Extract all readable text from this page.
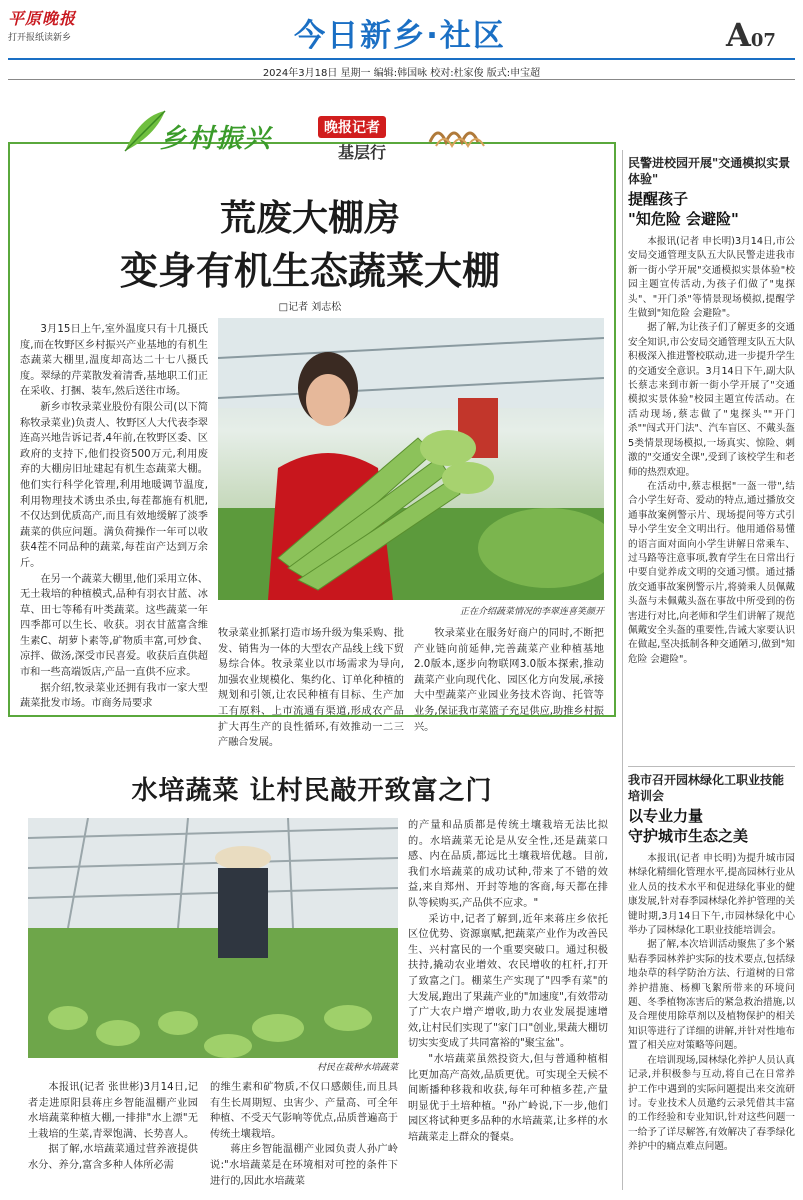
平原晚报
打开报纸读新乡	今日新乡·社区	A07
2024年3月18日 星期一 编辑:韩国咏 校对:杜家俊 版式:申宝超
乡村振兴	晚报记者
基层行
荒废大棚房
变身有机生态蔬菜大棚
□记者 刘志松
正在介绍蔬菜情况的李翠连喜笑颜开

3月15日上午,室外温度只有十几摄氏度,而在牧野区乡村振兴产业基地的有机生态蔬菜大棚里,温度却高达二十七八摄氏度。翠绿的芹菜散发着清香,基地职工们正在采收、打捆、装车,然后送往市场。

新乡市牧录菜业股份有限公司(以下简称牧录菜业)负责人、牧野区人大代表李翠连高兴地告诉记者,4年前,在牧野区委、区政府的支持下,他们投资500万元,利用废弃的大棚房旧址建起有机生态蔬菜大棚。他们实行科学化管理,利用地暖调节温度,利用物理技术诱虫杀虫,每茬都施有机肥,不仅达到优质高产,而且有效地缓解了淡季蔬菜的供应问题。满负荷操作一年可以收获4茬不同品种的蔬菜,每茬亩产达到万余斤。

在另一个蔬菜大棚里,他们采用立体、无土栽培的种植模式,品种有羽衣甘蓝、冰草、田七等稀有叶类蔬菜。这些蔬菜一年四季都可以生长、收获。羽衣甘蓝富含维生素C、胡萝卜素等,矿物质丰富,可炒食、凉拌、做汤,深受市民喜爱。收获后直供超市和一些高端饭店,产品一直供不应求。

据介绍,牧录菜业还拥有我市一家大型蔬菜批发市场。市商务局要求

牧录菜业抓紧打造市场升级为集采购、批发、销售为一体的大型农产品线上线下贸易综合体。牧录菜业以市场需求为导向,加强农业规模化、集约化、订单化种植的规划和引领,让农民种植有目标、生产加工有原料、上市流通有渠道,形成农产品扩大再生产的良性循环,有效推动一二三产融合发展。

牧录菜业在服务好商户的同时,不断把产业链向前延伸,完善蔬菜产业种植基地2.0版本,逐步向物联网3.0版本探索,推动蔬菜产业向现代化、园区化方向发展,承接大中型蔬菜产业园业务技术咨询、托管等业务,保证我市菜篮子充足供应,助推乡村振兴。

水培蔬菜 让村民敲开致富之门
村民在栽种水培蔬菜

本报讯(记者 张世彬)3月14日,记者走进原阳县蒋庄乡智能温棚产业园水培蔬菜种植大棚,一排排"水上漂"无土栽培的生菜,青翠饱满、长势喜人。

据了解,水培蔬菜通过营养液提供水分、养分,富含多种人体所必需

的维生素和矿物质,不仅口感颇佳,而且具有生长周期短、虫害少、产量高、可全年种植、不受天气影响等优点,品质普遍高于传统土壤栽培。

蒋庄乡智能温棚产业园负责人孙广岭说:"水培蔬菜是在环境相对可控的条件下进行的,因此水培蔬菜

的产量和品质都是传统土壤栽培无法比拟的。水培蔬菜无论是从安全性,还是蔬菜口感、内在品质,都远比土壤栽培优越。目前,我们水培蔬菜的成功试种,带来了不错的效益,来自郑州、开封等地的客商,每天都在排队等候购买,产品供不应求。"

采访中,记者了解到,近年来蒋庄乡依托区位优势、资源禀赋,把蔬菜产业作为改善民生、兴村富民的一个重要突破口。通过积极扶持,撬动农业增效、农民增收的杠杆,打开了致富之门。棚菜生产实现了"四季有菜"的大发展,跑出了果蔬产业的"加速度",有效带动了广大农户增产增收,助力农业发展提速增效,让村民们实现了"家门口"创业,果蔬大棚切切实实变成了共同富裕的"聚宝盆"。

"水培蔬菜虽然投资大,但与普通种植相比更加高产高效,品质更优。可实现全天候不间断播种移栽和收获,每年可种植多茬,产量明显优于土培种植。"孙广岭说,下一步,他们园区将试种更多品种的水培蔬菜,让多样的水培蔬菜走上群众的餐桌。

民警进校园开展"交通模拟实景体验"
提醒孩子
"知危险 会避险"

本报讯(记者 申长明)3月14日,市公安局交通管理支队五大队民警走进我市新一街小学开展"交通模拟实景体验"校园主题宣传活动,为孩子们做了"鬼探头"、"开门杀"等情景现场模拟,提醒学生做到"知危险 会避险"。

据了解,为让孩子们了解更多的交通安全知识,市公安局交通管理支队五大队积极深入推进警校联动,进一步提升学生的交通安全意识。3月14日下午,副大队长蔡志来到市新一街小学开展了"交通模拟实景体验"校园主题宣传活动。在活动现场,蔡志做了"鬼探头""开门杀""闯式开门法"、汽车盲区、不戴头盔5类情景现场模拟,一场真实、惊险、刺激的"交通安全课",受到了该校学生和老师的热烈欢迎。

在活动中,蔡志根据"一盔一带",结合小学生好奇、爱动的特点,通过播放交通事故案例警示片、现场提问等方式引导小学生安全文明出行。他用通俗易懂的语言面对面向小学生讲解日常乘车、过马路等注意事项,教育学生在日常出行中要自觉养成文明的交通习惯。通过播放交通事故案例警示片,将骑乘人员佩戴头盔与未佩戴头盔在事故中所受到的伤害进行对比,向老师和学生们讲解了规范佩戴安全头盔的重要性,告诫大家要认识在做起,坚决抵制各种交通陋习,做到"知危险 会避险"。

我市召开园林绿化工职业技能培训会
以专业力量
守护城市生态之美

本报讯(记者 申长明)为提升城市园林绿化精细化管理水平,提高园林行业从业人员的技术水平和促进绿化事业的健康发展,针对春季园林绿化养护管理的关键时期,3月14日下午,市园林绿化中心举办了园林绿化工职业技能培训会。

据了解,本次培训活动聚焦了多个紧贴春季园林养护实际的技术要点,包括绿地杂草的科学防治方法、行道树的日常养护措施、杨柳飞絮所带来的环境问题、冬季植物冻害后的紧急救治措施,以及合理使用除草剂以及植物保护的相关知识等进行了详细的讲解,并针对性地布置了相关应对策略等问题。

在培训现场,园林绿化养护人员认真记录,并积极参与互动,将自己在日常养护工作中遇到的实际问题提出来交流研讨。专业技术人员邀约云录凭借其丰富的工作经验和专业知识,针对这些问题一一给予了详尽解答,有效解决了春季绿化养护中的痛点难点问题。
